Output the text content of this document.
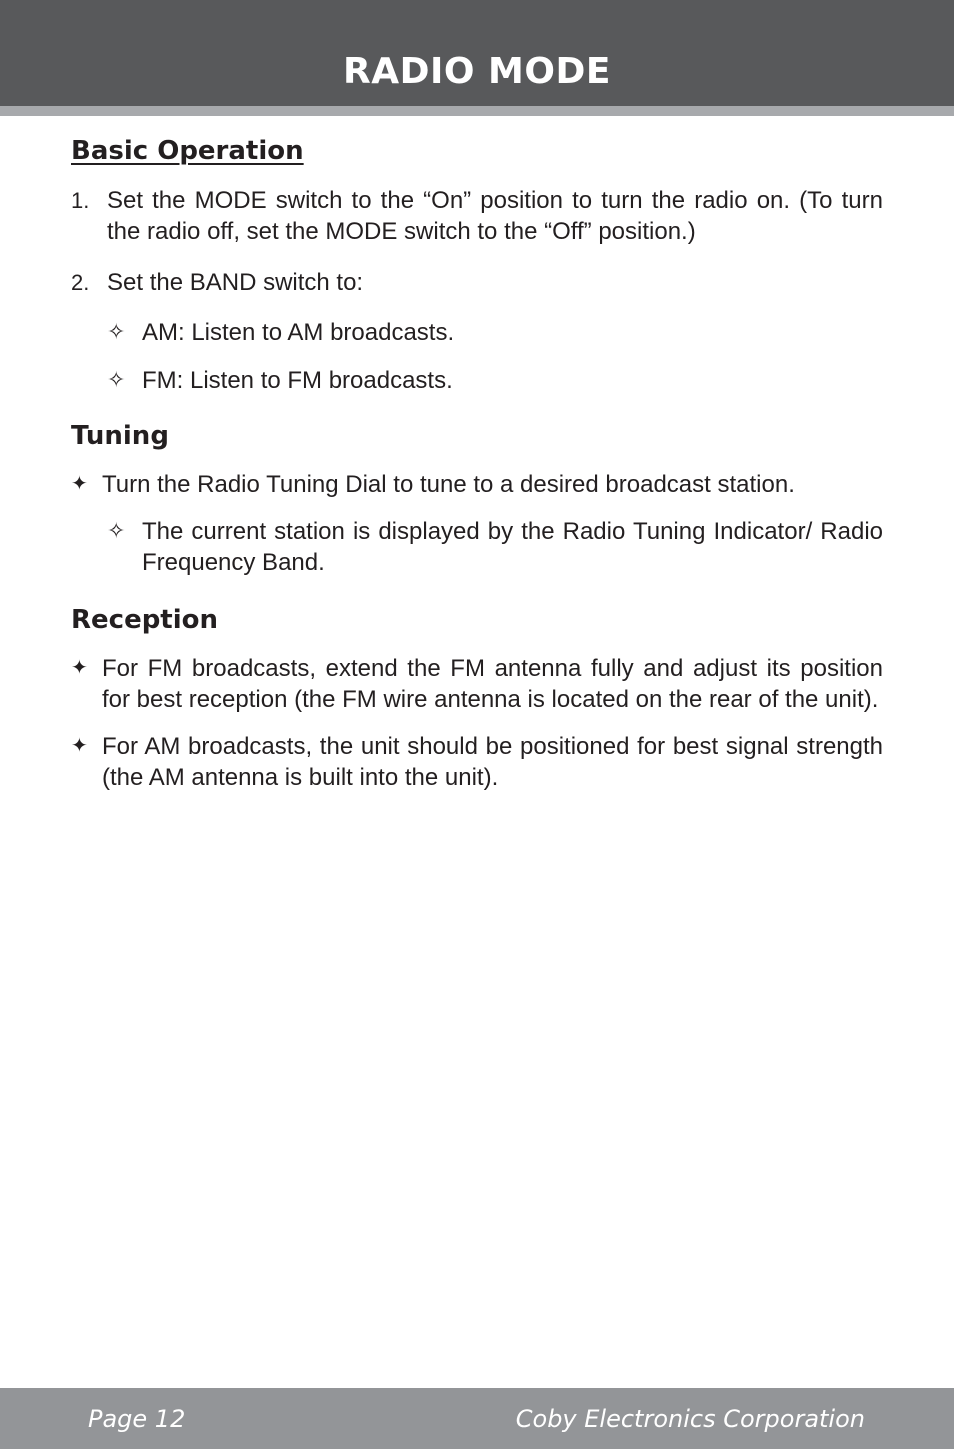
RADIO MODE
Basic Operation
1. Set the MODE switch to the “On” position to turn the radio on. (To turn the radio off, set the MODE switch to the “Off” position.)
2. Set the BAND switch to:
✧ AM: Listen to AM broadcasts.
✧ FM: Listen to FM broadcasts.
Tuning
✦ Turn the Radio Tuning Dial to tune to a desired broadcast station.
✧ The current station is displayed by the Radio Tuning Indicator/ Radio Frequency Band.
Reception
✦ For FM broadcasts, extend the FM antenna fully and adjust its position for best reception (the FM wire antenna is located on the rear of the unit).
✦ For AM broadcasts, the unit should be positioned for best signal strength (the AM antenna is built into the unit).
Page 12	Coby Electronics Corporation
